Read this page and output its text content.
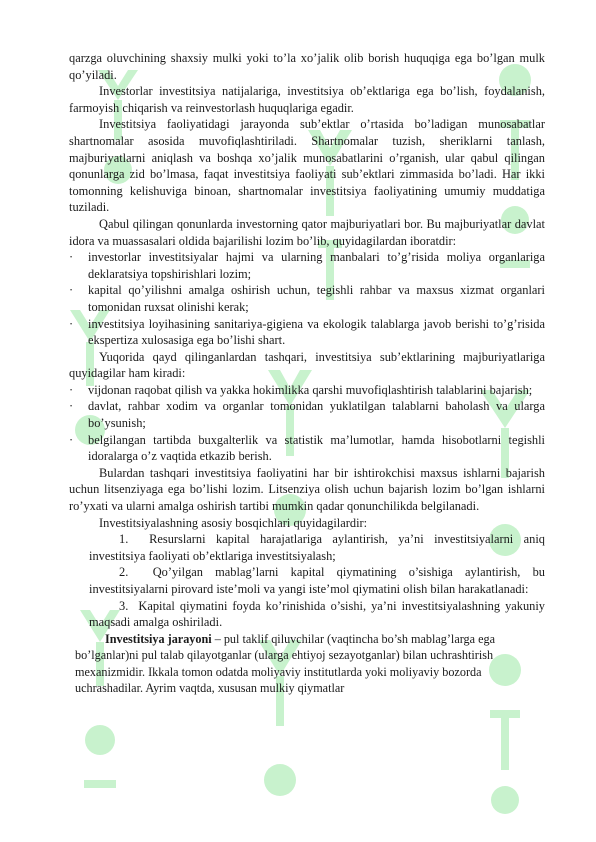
qarzga oluvchining shaxsiy mulki yoki to’la xo’jalik olib borish huquqiga ega bo’lgan mulk qo’yiladi.

Investorlar investitsiya natijalariga, investitsiya ob’ektlariga ega bo’lish, foydalanish, farmoyish chiqarish va reinvestorlash huquqlariga egadir.

Investitsiya faoliyatidagi jarayonda sub’ektlar o’rtasida bo’ladigan munosabatlar shartnomalar asosida muvofiqlashtiriladi. Shartnomalar tuzish, sheriklarni tanlash, majburiyatlarni aniqlash va boshqa xo’jalik munosabatlarini o’rganish, ular qabul qilingan qonunlarga zid bo’lmasa, faqat investitsiya faoliyati sub’ektlari zimmasida bo’ladi. Har ikki tomonning kelishuviga binoan, shartnomalar investitsiya faoliyatining umumiy muddatiga tuziladi.

Qabul qilingan qonunlarda investorning qator majburiyatlari bor. Bu majburiyatlar davlat idora va muassasalari oldida bajarilishi lozim bo’lib, quyidagilardan iboratdir:

· investorlar investitsiyalar hajmi va ularning manbalari to’g’risida moliya organlariga deklaratsiya topshirishlari lozim;

· kapital qo’yilishni amalga oshirish uchun, tegishli rahbar va maxsus xizmat organlari tomonidan ruxsat olinishi kerak;

· investitsiya loyihasining sanitariya-gigiena va ekologik talablarga javob berishi to’g’risida ekspertiza xulosasiga ega bo’lishi shart.

Yuqorida qayd qilinganlardan tashqari, investitsiya sub’ektlarining majburiyatlariga quyidagilar ham kiradi:

· vijdonan raqobat qilish va yakka hokimlikka qarshi muvofiqlashtirish talablarini bajarish;

· davlat, rahbar xodim va organlar tomonidan yuklatilgan talablarni baholash va ularga bo’ysunish;

· belgilangan tartibda buxgalterlik va statistik ma’lumotlar, hamda hisobotlarni tegishli idoralarga o’z vaqtida etkazib berish.

Bulardan tashqari investitsiya faoliyatini har bir ishtirokchisi maxsus ishlarni bajarish uchun litsenziyaga ega bo’lishi lozim. Litsenziya olish uchun bajarish lozim bo’lgan ishlarni ro’yxati va ularni amalga oshirish tartibi mumkin qadar qonunchilikda belgilanadi.

Investitsiyalashning asosiy bosqichlari quyidagilardir:

1.  Resurslarni kapital harajatlariga aylantirish, ya’ni investitsiyalarni aniq investitsiya faoliyati ob’ektlariga investitsiyalash;

2.  Qo’yilgan mablag’larni kapital qiymatining o’sishiga aylantirish, bu investitsiyalarni pirovard iste’moli va yangi iste’mol qiymatini olish bilan harakatlanadi:

3.  Kapital qiymatini foyda ko’rinishida o’sishi, ya’ni investitsiyalashning yakuniy maqsadi amalga oshiriladi.

Investitsiya jarayoni – pul taklif qiluvchilar (vaqtincha bo’sh mablag’larga ega bo’lganlar)ni pul talab qilayotganlar (ularga ehtiyoj sezayotganlar) bilan uchrashtirish mexanizmidir. Ikkala tomon odatda moliyaviy institutlarda yoki moliyaviy bozorda uchrashadilar. Ayrim vaqtda, xususan mulkiy qiymatlar
